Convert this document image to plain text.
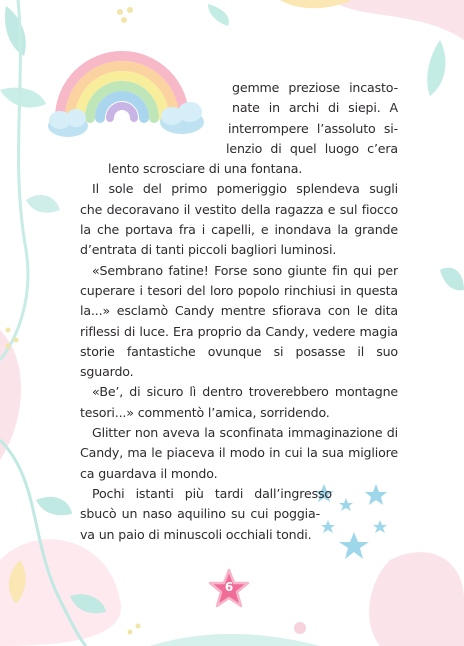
gemme preziose incasto-
nate in archi di siepi. A
interrompere l’assoluto si-
lenzio di quel luogo c’era
lento scrosciare di una fontana.
Il sole del primo pomeriggio splendeva sugli
che decoravano il vestito della ragazza e sul fiocco
la che portava fra i capelli, e inondava la grande
d’entrata di tanti piccoli bagliori luminosi.
«Sembrano fatine! Forse sono giunte fin qui per
cuperare i tesori del loro popolo rinchiusi in questa
la...» esclamò Candy mentre sfiorava con le dita
riflessi di luce. Era proprio da Candy, vedere magia
storie fantastiche ovunque si posasse il suo
sguardo.
«Be’, di sicuro lì dentro troverebbero montagne
tesori...» commentò l’amica, sorridendo.
Glitter non aveva la sconfinata immaginazione di
Candy, ma le piaceva il modo in cui la sua migliore
ca guardava il mondo.
Pochi istanti più tardi dall’ingresso
sbucò un naso aquilino su cui poggia-
va un paio di minuscoli occhiali tondi.
6
